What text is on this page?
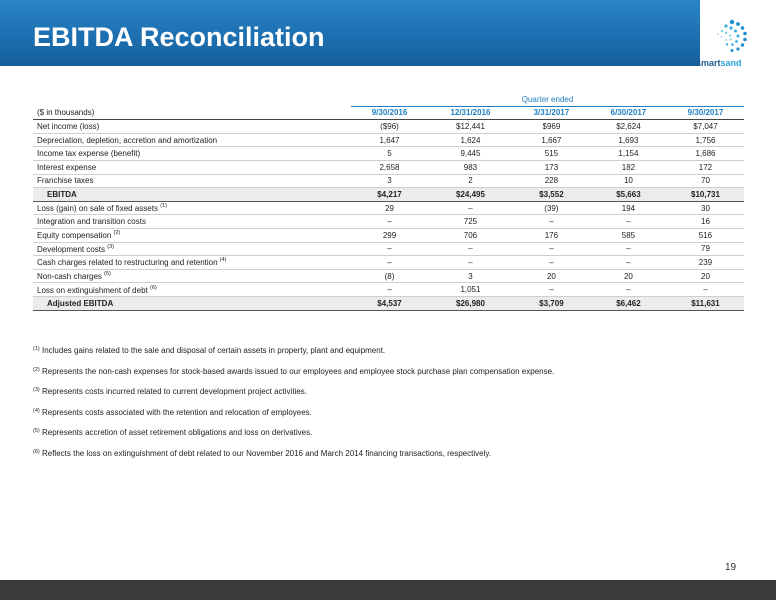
EBITDA Reconciliation
smartsand
	Quarter ended				
($ in thousands)	9/30/2016	12/31/2016	3/31/2017	6/30/2017	9/30/2017
Net income (loss)	($96)	$12,441	$969	$2,624	$7,047
Depreciation, depletion, accretion and amortization	1,647	1,624	1,667	1,693	1,756
Income tax expense (benefit)	5	9,445	515	1,154	1,686
Interest expense	2,658	983	173	182	172
Franchise taxes	3	2	228	10	70
EBITDA	$4,217	$24,495	$3,552	$5,663	$10,731
Loss (gain) on sale of fixed assets $^{(1)}$	29	–	(39)	194	30
Integration and transition costs	–	725	–	–	16
Equity compensation $^{(2)}$	299	706	176	585	516
Development costs $^{(3)}$	–	–	–	–	79
Cash charges related to restructuring and retention $^{(4)}$	–	–	–	–	239
Non-cash charges $^{(5)}$	(8)	3	20	20	20
Loss on extinguishment of debt $^{(6)}$	–	1,051	–	–	–
Adjusted EBITDA	$4,537	$26,980	$3,709	$6,462	$11,631

$^{(1)}$ Includes gains related to the sale and disposal of certain assets in property, plant and equipment.

$^{(2)}$ Represents the non-cash expenses for stock-based awards issued to our employees and employee stock purchase plan compensation expense.

$^{(3)}$ Represents costs incurred related to current development project activities.

$^{(4)}$ Represents costs associated with the retention and relocation of employees.

$^{(5)}$ Represents accretion of asset retirement obligations and loss on derivatives.

$^{(6)}$ Reflects the loss on extinguishment of debt related to our November 2016 and March 2014 financing transactions, respectively.

19
